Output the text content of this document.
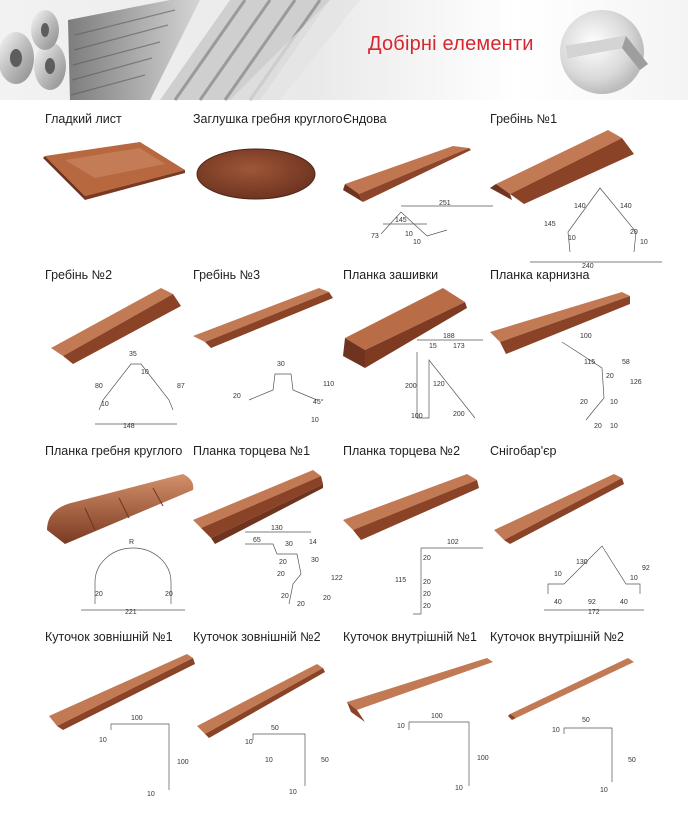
Добірні елементи
Гладкий лист	Заглушка гребня круглого Єндова
251
145
10
73
10
Гребінь №1
240
140	140
145
10
10
20
Гребінь №2
148
35
10
80
10
87
Гребінь №3
30
110
20
45°
10
Планка зашивки
188
15 173
120
200
100	200
Планка карнизна
100
115	58
126
20
20
10
20 10
Планка гребня круглого
221
R
20	20
Планка торцева №1
130
65
30 14
20
20
30
122
20
20
20
Планка торцева №2
102
20
115 20
20
20
Снігобар'єр
172
130
10
10
92
40	92	40
Куточок зовнішній №1
100
10
100
10
Куточок зовнішній №2
50
10
10	50
10
Куточок внутрішній №1
100
10
100
10
Куточок внутрішній №2
50
10
50
10
